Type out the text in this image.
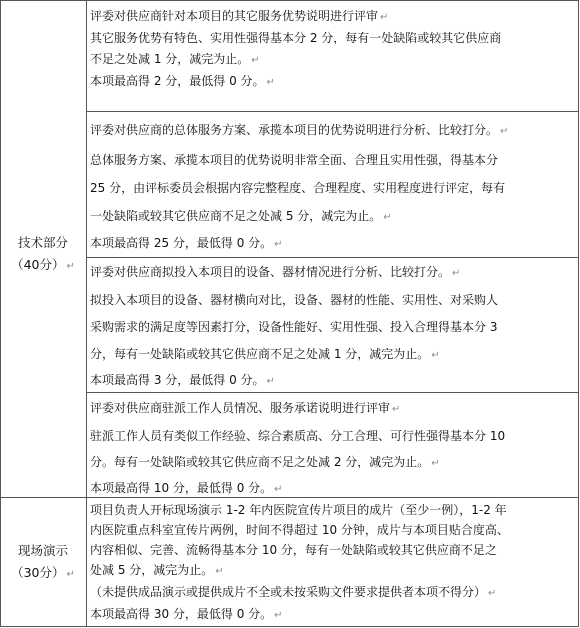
技术部分
（40分） ↵
评委对供应商针对本项目的其它服务优势说明进行评审 ↵
其它服务优势有特色、实用性强得基本分 2 分，每有一处缺陷或较其它供应商
不足之处减 1 分，减完为止。 ↵
本项最高得 2 分，最低得 0 分。 ↵
评委对供应商的总体服务方案、承揽本项目的优势说明进行分析、比较打分。 ↵
总体服务方案、承揽本项目的优势说明非常全面、合理且实用性强，得基本分
25 分，由评标委员会根据内容完整程度、合理程度、实用程度进行评定，每有
一处缺陷或较其它供应商不足之处减 5 分，减完为止。 ↵
本项最高得 25 分，最低得 0 分。 ↵
评委对供应商拟投入本项目的设备、器材情况进行分析、比较打分。 ↵
拟投入本项目的设备、器材横向对比，设备、器材的性能、实用性、对采购人
采购需求的满足度等因素打分，设备性能好、实用性强、投入合理得基本分 3
分，每有一处缺陷或较其它供应商不足之处减 1 分，减完为止。 ↵
本项最高得 3 分，最低得 0 分。 ↵
评委对供应商驻派工作人员情况、服务承诺说明进行评审 ↵
驻派工作人员有类似工作经验、综合素质高、分工合理、可行性强得基本分 10
分。每有一处缺陷或较其它供应商不足之处减 2 分，减完为止。 ↵
本项最高得 10 分，最低得 0 分。 ↵
现场演示
（30分） ↵
项目负责人开标现场演示 1-2 年内医院宣传片项目的成片（至少一例），1-2 年
内医院重点科室宣传片两例，时间不得超过 10 分钟，成片与本项目贴合度高、
内容相似、完善、流畅得基本分 10 分，每有一处缺陷或较其它供应商不足之
处减 5 分，减完为止。 ↵
（未提供成品演示或提供成片不全或未按采购文件要求提供者本项不得分） ↵
本项最高得 30 分，最低得 0 分。 ↵
